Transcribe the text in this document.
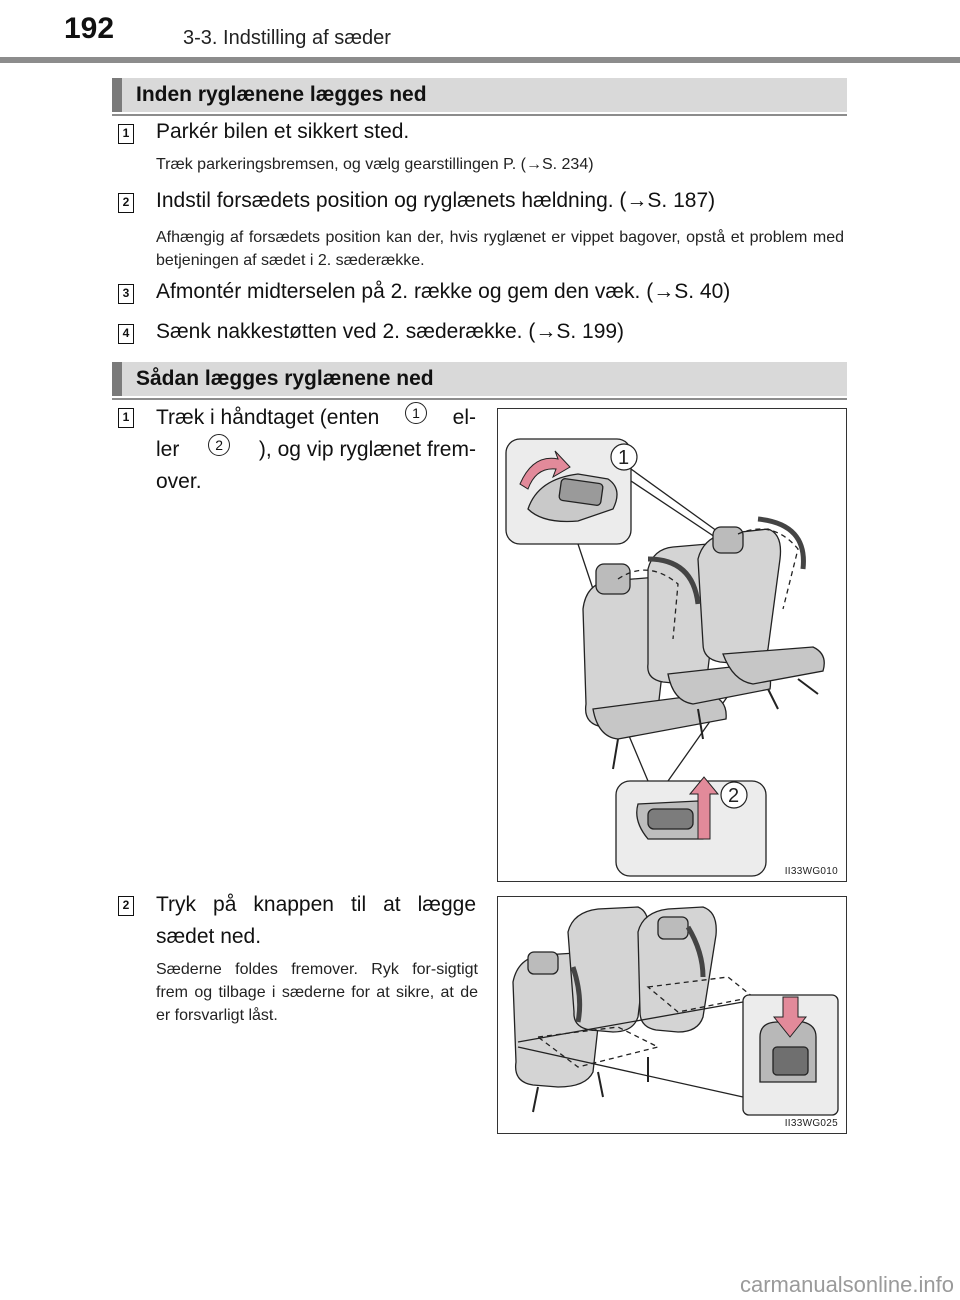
192	3-3. Indstilling af sæder
Inden ryglænene lægges ned
1 Parkér bilen et sikkert sted.
Træk parkeringsbremsen, og vælg gearstillingen P. (→S. 234)
2 Indstil forsædets position og ryglænets hældning. (→S. 187)
Afhængig af forsædets position kan der, hvis ryglænet er vippet bagover, opstå et problem med betjeningen af sædet i 2. sæderække.
3 Afmontér midterselen på 2. række og gem den væk. (→S. 40)
4 Sænk nakkestøtten ved 2. sæderække. (→S. 199)
Sådan lægges ryglænene ned
1 Træk i håndtaget (enten	1	el-
ler	2	), og vip ryglænet frem-
over.
1
2
II33WG010
2 Tryk på knappen til at lægge sædet ned.
Sæderne foldes fremover. Ryk for-sigtigt frem og tilbage i sæderne for at sikre, at de er forsvarligt låst.
II33WG025
carmanualsonline.info
